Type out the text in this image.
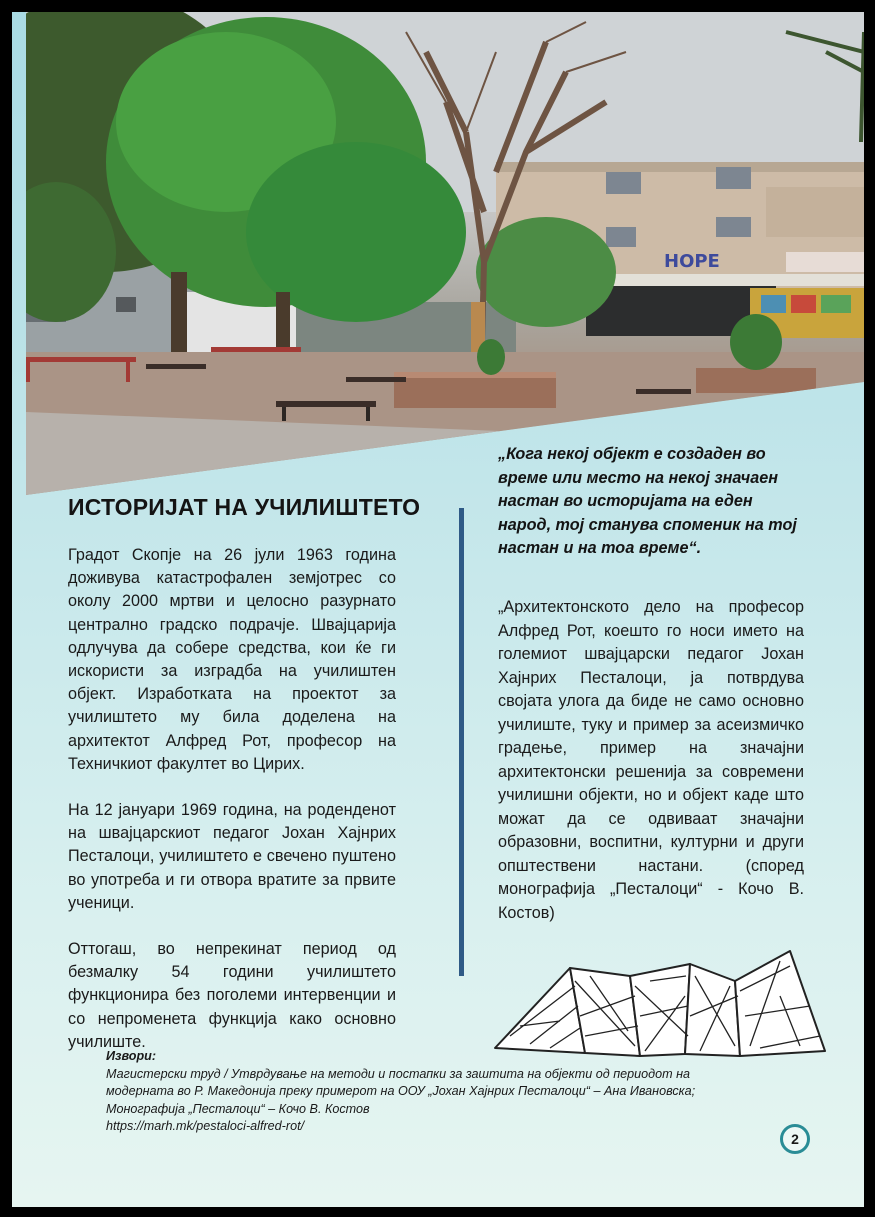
HOPE
ИСТОРИЈАТ НА УЧИЛИШТЕТО

Градот Скопје на 26 јули 1963 година доживува катастрофален земјотрес со околу 2000 мртви и целосно разурнато централно градско подрачје. Швајцарија одлучува да собере средства, кои ќе ги искористи за изградба на училиштен објект. Изработката на проектот за училиштето му била доделена на архитектот Алфред Рот, професор на Техничкиот факултет во Цирих.

На 12 јануари 1969 година, на роденденот на швајцарскиот педагог Јохан Хајнрих Песталоци, училиштето е свечено пуштено во употреба и ги отвора вратите за првите ученици.

Оттогаш, во непрекинат период од безмалку 54 години училиштето функционира без поголеми интервенции и со непроменета функција како основно училиште.

„Кога некој објект е создаден во време или место на некој значаен настан во историјата на еден народ, тој станува споменик на тој настан и на тоа време“.

„Архитектонското дело на професор Алфред Рот, коешто го носи името на големиот швајцарски педагог Јохан Хајнрих Песталоци, ја потврдува својата улога да биде не само основно училиште, туку и пример за асеизмичко градење, пример на значајни архитектонски решенија за современи училишни објекти, но и објект каде што можат да се одвиваат значајни образовни, воспитни, културни и други општествени настани. (според монографија „Песталоци“ - Кочо В. Костов)

Извори:
Магистерски труд / Утврдување на методи и постапки за заштита на објекти од периодот на модерната во Р. Македонија преку примерот на ООУ „Јохан Хајнрих Песталоци“ – Ана Ивановска;
Монографија „Песталоци“ – Кочо В. Костов
https://marh.mk/pestaloci-alfred-rot/
2
